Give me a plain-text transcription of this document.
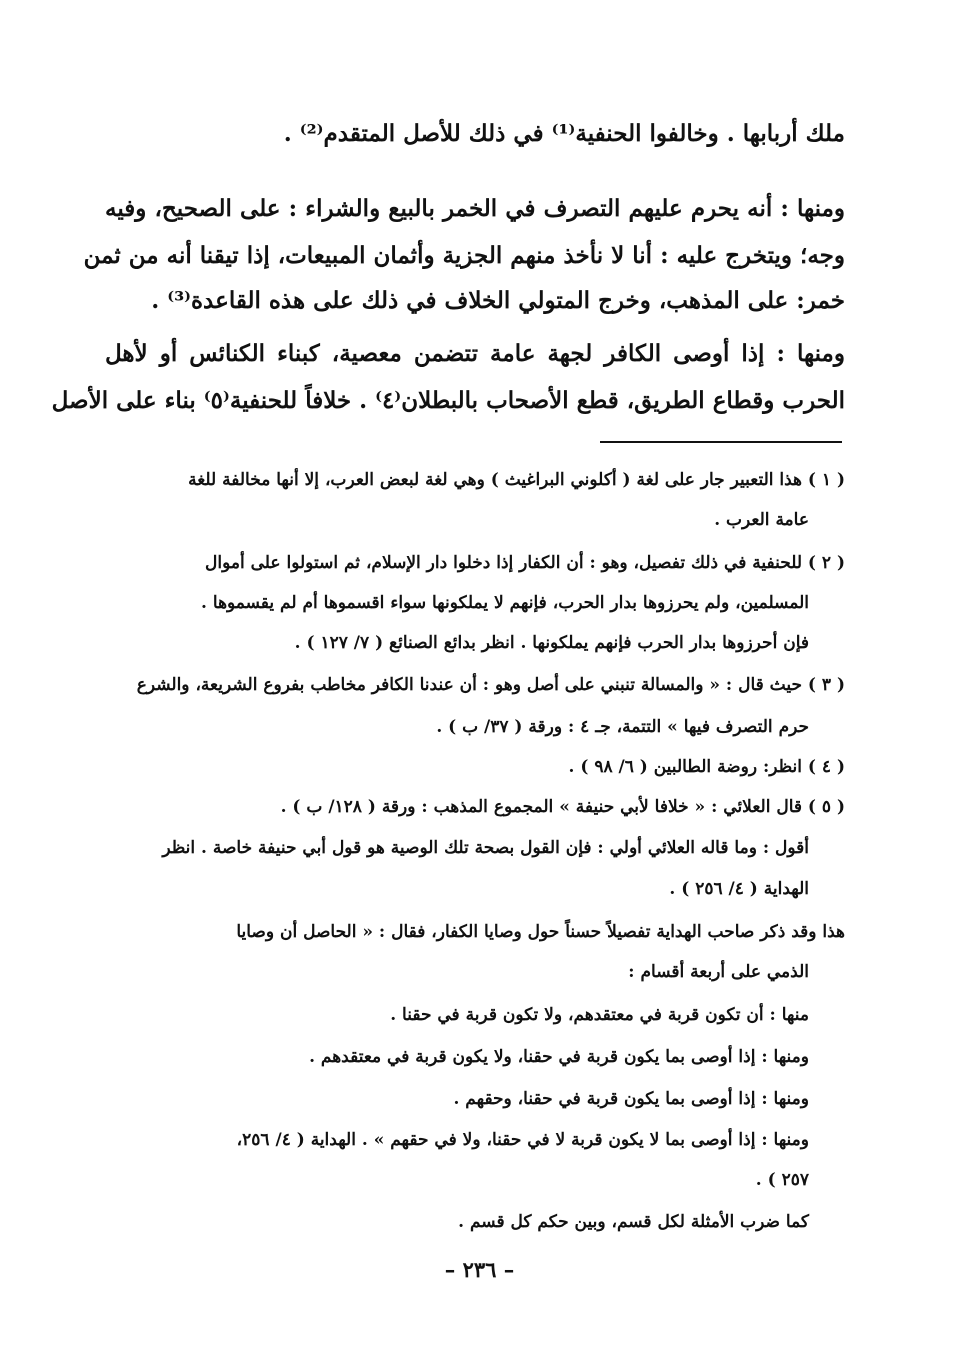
ملك أربابها . وخالفوا الحنفية⁽¹⁾ في ذلك للأصل المتقدم⁽²⁾ .
ومنها : أنه يحرم عليهم التصرف في الخمر بالبيع والشراء : على الصحيح، وفيه
وجه؛ ويتخرج عليه : أنا لا نأخذ منهم الجزية وأثمان المبيعات، إذا تيقنا أنه من ثمن
خمر: على المذهب، وخرج المتولي الخلاف في ذلك على هذه القاعدة⁽³⁾ .
ومنها : إذا أوصى الكافر لجهة عامة تتضمن معصية، كبناء الكنائس أو لأهل
الحرب وقطاع الطريق، قطع الأصحاب بالبطلان⁽٤⁾ . خلافاً للحنفية⁽٥⁾ بناء على الأصل
( ١ ) هذا التعبير جار على لغة ( أكلوني البراغيث ) وهي لغة لبعض العرب، إلا أنها مخالفة للغة
عامة العرب .
( ٢ ) للحنفية في ذلك تفصيل، وهو : أن الكفار إذا دخلوا دار الإسلام، ثم استولوا على أموال
المسلمين، ولم يحرزوها بدار الحرب، فإنهم لا يملكونها سواء اقسموها أم لم يقسموها .
فإن أحرزوها بدار الحرب فإنهم يملكونها . انظر بدائع الصنائع ( ٧/ ١٢٧ ) .
( ٣ ) حيث قال : « والمسالة تنبني على أصل وهو : أن عندنا الكافر مخاطب بفروع الشريعة، والشرع
حرم التصرف فيها » التتمة، جـ ٤ : ورقة ( ٣٧/ ب ) .
( ٤ ) انظر: روضة الطالبين ( ٦/ ٩٨ ) .
( ٥ ) قال العلائي : « خلافا لأبي حنيفة » المجموع المذهب : ورقة ( ١٢٨/ ب ) .
أقول : وما قاله العلائي أولي : فإن القول بصحة تلك الوصية هو قول أبي حنيفة خاصة . انظر
الهداية ( ٤/ ٢٥٦ ) .
هذا وقد ذكر صاحب الهداية تفصيلاً حسناً حول وصايا الكفار، فقال : « الحاصل أن وصايا
الذمي على أربعة أقسام :
منها : أن تكون قربة في معتقدهم، ولا تكون قربة في حقنا .
ومنها : إذا أوصى بما يكون قربة في حقنا، ولا يكون قربة في معتقدهم .
ومنها : إذا أوصى بما يكون قربة في حقنا، وحقهم .
ومنها : إذا أوصى بما لا يكون قربة لا في حقنا، ولا في حقهم » . الهداية ( ٤/ ٢٥٦،
٢٥٧ ) .
كما ضرب الأمثلة لكل قسم، وبين حكم كل قسم .
– ٢٣٦ –
